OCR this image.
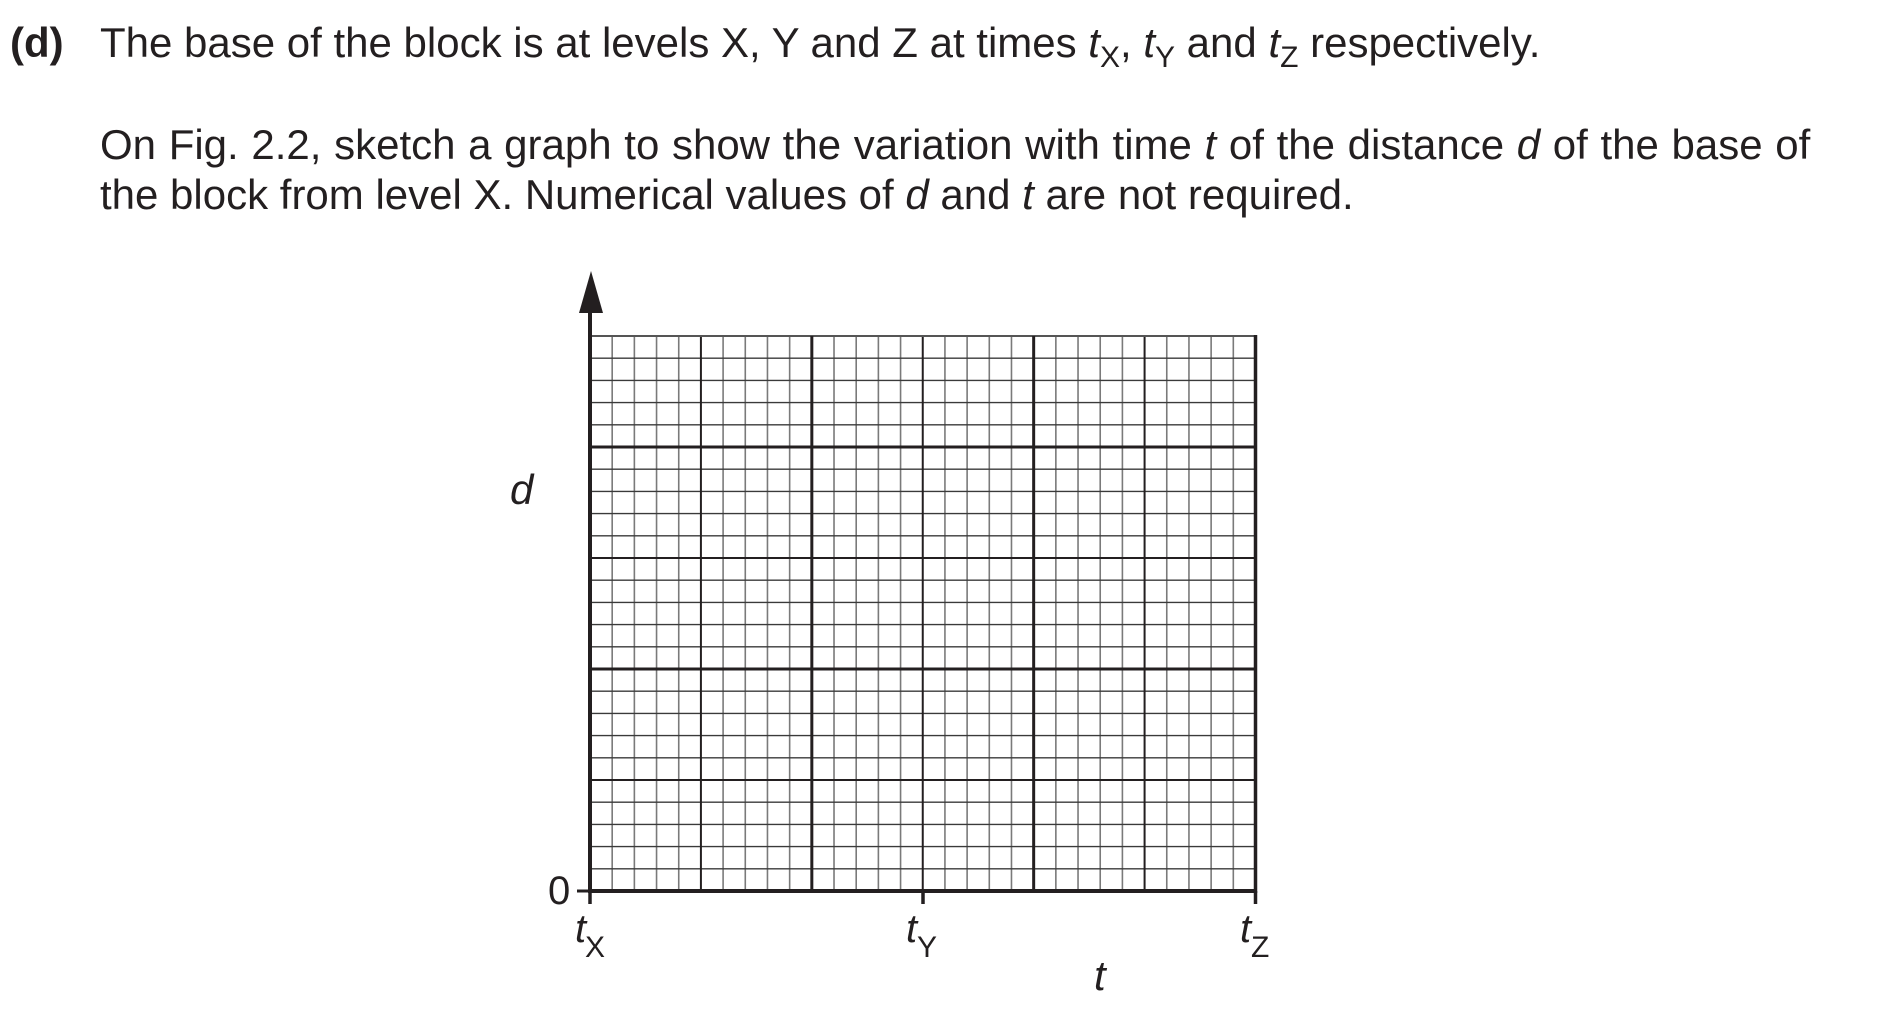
(d) The base of the block is at levels X, Y and Z at times $t_X$, $t_Y$ and $t_Z$ respectively.
On Fig. 2.2, sketch a graph to show the variation with time t of the distance d of the base of
the block from level X. Numerical values of d and t are not required.
0
d
t
t
X	t Y	t Z
